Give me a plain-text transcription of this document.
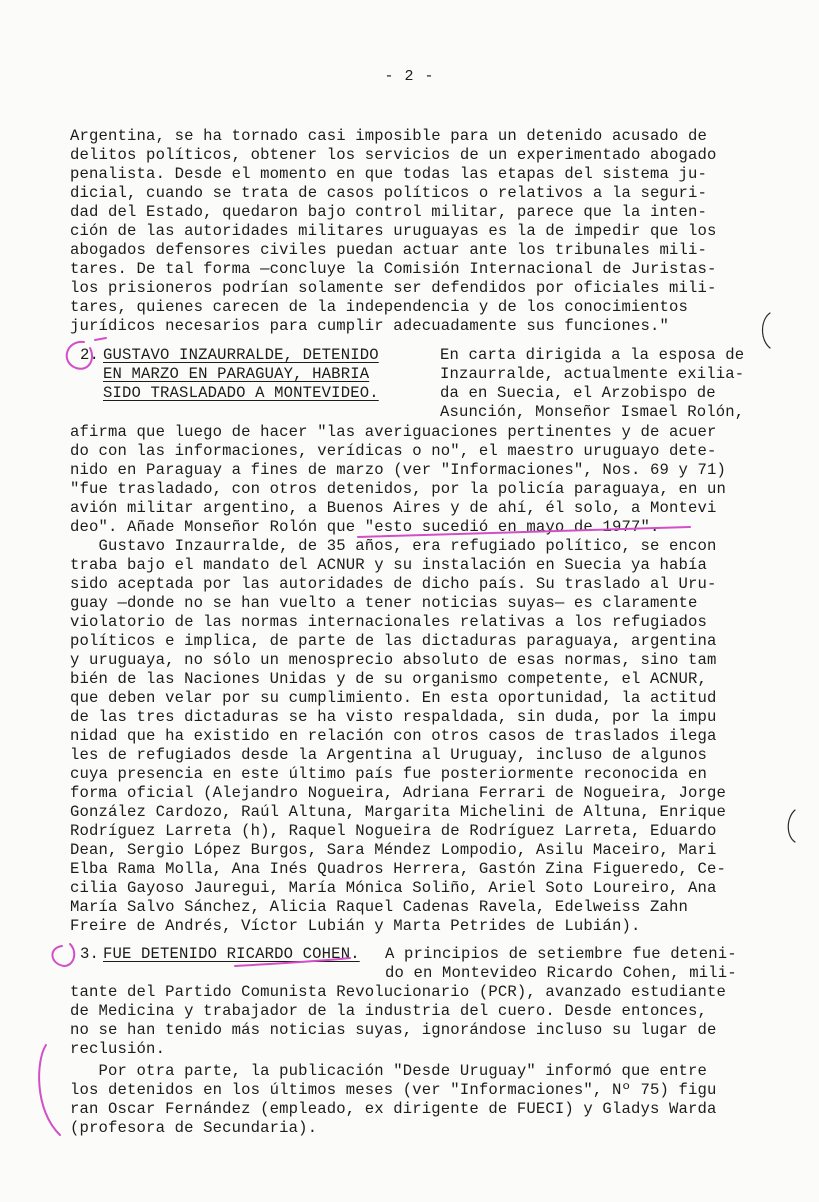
- 2 -
Argentina, se ha tornado casi imposible para un detenido acusado de
delitos políticos, obtener los servicios de un experimentado abogado
penalista. Desde el momento en que todas las etapas del sistema ju-
dicial, cuando se trata de casos políticos o relativos a la seguri-
dad del Estado, quedaron bajo control militar, parece que la inten-
ción de las autoridades militares uruguayas es la de impedir que los
abogados defensores civiles puedan actuar ante los tribunales mili-
tares. De tal forma —concluye la Comisión Internacional de Juristas-
los prisioneros podrían solamente ser defendidos por oficiales mili-
tares, quienes carecen de la independencia y de los conocimientos
jurídicos necesarios para cumplir adecuadamente sus funciones."
2. GUSTAVO INZAURRALDE, DETENIDO
EN MARZO EN PARAGUAY, HABRIA
SIDO TRASLADADO A MONTEVIDEO.
En carta dirigida a la esposa de
Inzaurralde, actualmente exilia-
da en Suecia, el Arzobispo de
Asunción, Monseñor Ismael Rolón,
afirma que luego de hacer "las averiguaciones pertinentes y de acuer
do con las informaciones, verídicas o no", el maestro uruguayo dete-
nido en Paraguay a fines de marzo (ver "Informaciones", Nos. 69 y 71)
"fue trasladado, con otros detenidos, por la policía paraguaya, en un
avión militar argentino, a Buenos Aires y de ahí, él solo, a Montevi
deo". Añade Monseñor Rolón que "esto sucedió en mayo de 1977".
Gustavo Inzaurralde, de 35 años, era refugiado político, se encon
traba bajo el mandato del ACNUR y su instalación en Suecia ya había
sido aceptada por las autoridades de dicho país. Su traslado al Uru-
guay —donde no se han vuelto a tener noticias suyas— es claramente
violatorio de las normas internacionales relativas a los refugiados
políticos e implica, de parte de las dictaduras paraguaya, argentina
y uruguaya, no sólo un menosprecio absoluto de esas normas, sino tam
bién de las Naciones Unidas y de su organismo competente, el ACNUR,
que deben velar por su cumplimiento. En esta oportunidad, la actitud
de las tres dictaduras se ha visto respaldada, sin duda, por la impu
nidad que ha existido en relación con otros casos de traslados ilega
les de refugiados desde la Argentina al Uruguay, incluso de algunos
cuya presencia en este último país fue posteriormente reconocida en
forma oficial (Alejandro Nogueira, Adriana Ferrari de Nogueira, Jorge
González Cardozo, Raúl Altuna, Margarita Michelini de Altuna, Enrique
Rodríguez Larreta (h), Raquel Nogueira de Rodríguez Larreta, Eduardo
Dean, Sergio López Burgos, Sara Méndez Lompodio, Asilu Maceiro, Mari
Elba Rama Molla, Ana Inés Quadros Herrera, Gastón Zina Figueredo, Ce-
cilia Gayoso Jauregui, María Mónica Soliño, Ariel Soto Loureiro, Ana
María Salvo Sánchez, Alicia Raquel Cadenas Ravela, Edelweiss Zahn
Freire de Andrés, Víctor Lubián y Marta Petrides de Lubián).
3. FUE DETENIDO RICARDO COHEN. A principios de setiembre fue deteni-
do en Montevideo Ricardo Cohen, mili-
tante del Partido Comunista Revolucionario (PCR), avanzado estudiante
de Medicina y trabajador de la industria del cuero. Desde entonces,
no se han tenido más noticias suyas, ignorándose incluso su lugar de
reclusión.
Por otra parte, la publicación "Desde Uruguay" informó que entre
los detenidos en los últimos meses (ver "Informaciones", Nº 75) figu
ran Oscar Fernández (empleado, ex dirigente de FUECI) y Gladys Warda
(profesora de Secundaria).
